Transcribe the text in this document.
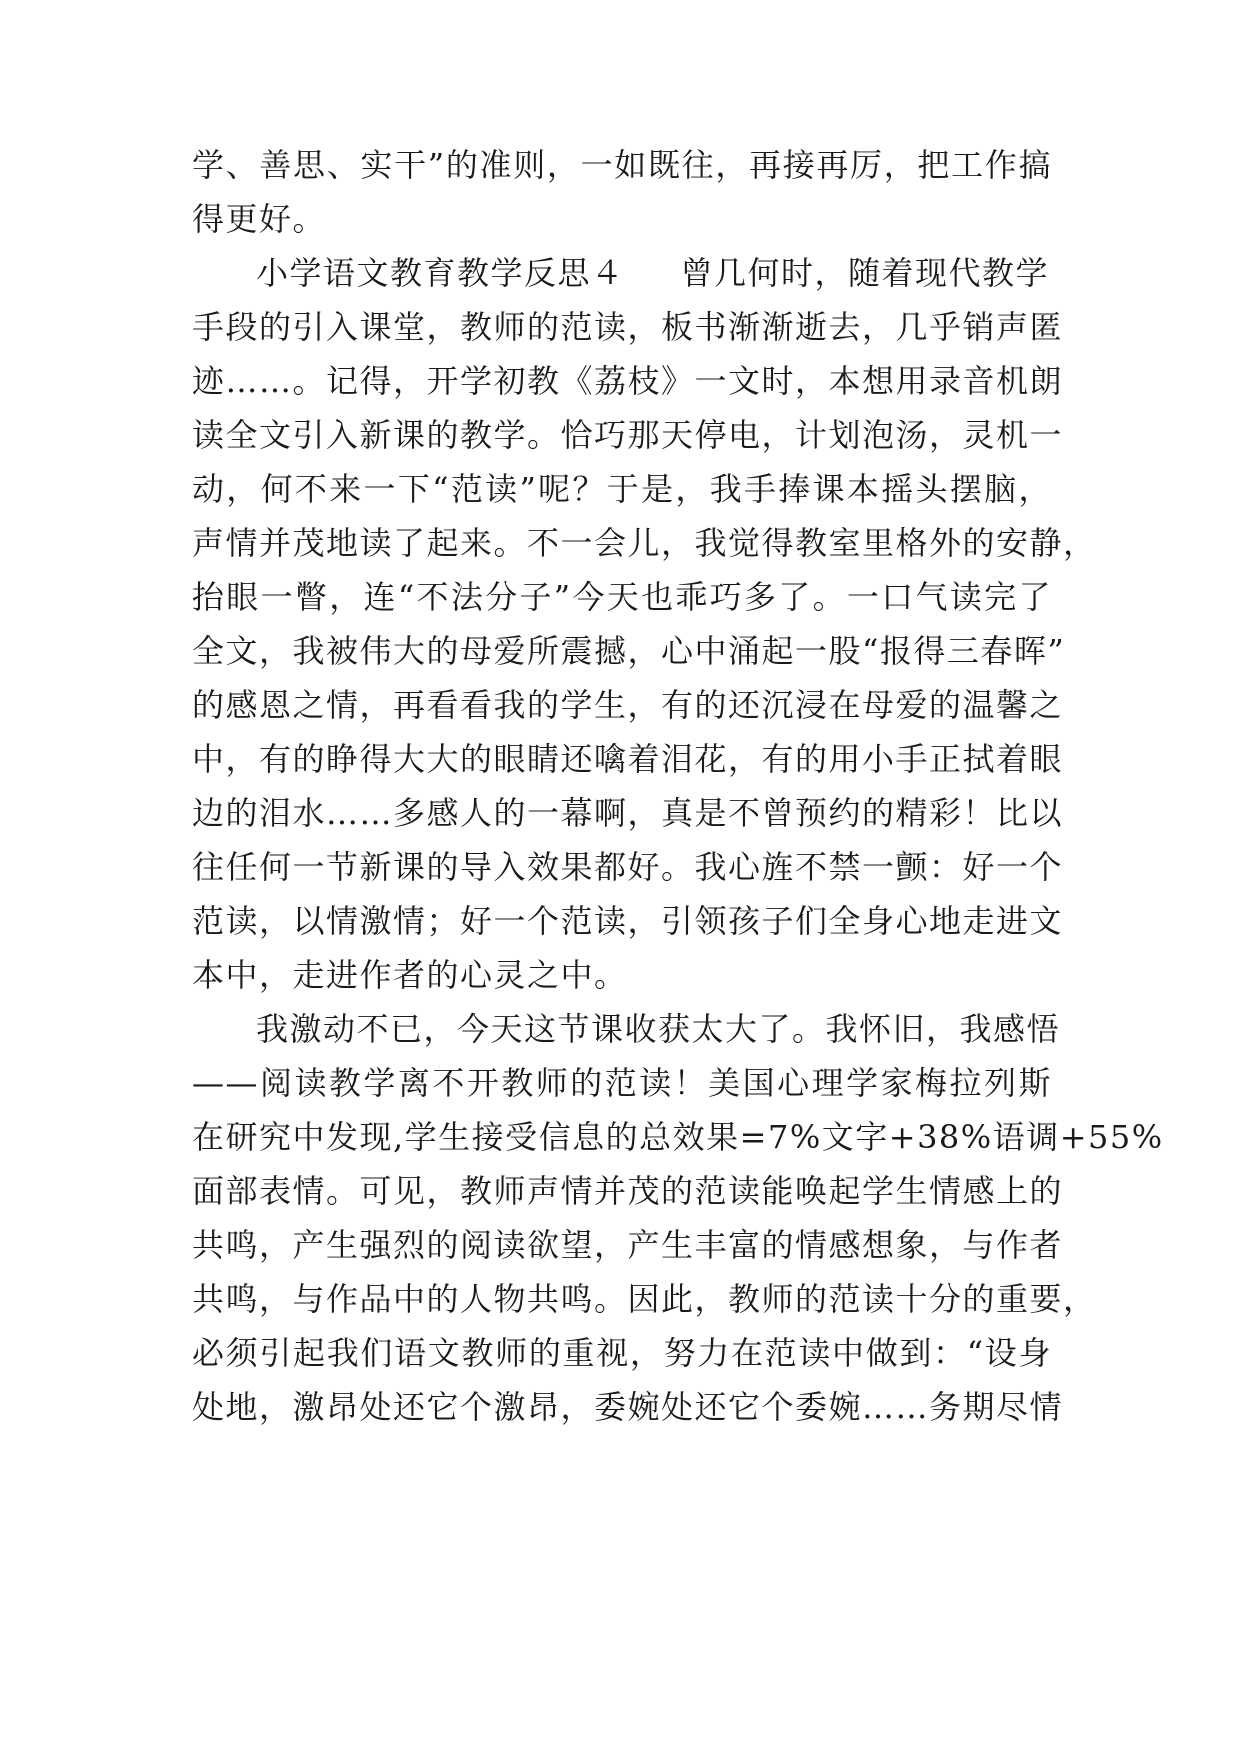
学、善思、实干”的准则，一如既往，再接再厉，把工作搞
得更好。
小学语文教育教学反思４ 曾几何时，随着现代教学
手段的引入课堂，教师的范读，板书渐渐逝去，几乎销声匿
迹……。记得，开学初教《荔枝》一文时，本想用录音机朗
读全文引入新课的教学。恰巧那天停电，计划泡汤，灵机一
动，何不来一下“范读”呢？于是，我手捧课本摇头摆脑，
声情并茂地读了起来。不一会儿，我觉得教室里格外的安静，
抬眼一瞥，连“不法分子”今天也乖巧多了。一口气读完了
全文，我被伟大的母爱所震撼，心中涌起一股“报得三春晖”
的感恩之情，再看看我的学生，有的还沉浸在母爱的温馨之
中，有的睁得大大的眼睛还噙着泪花，有的用小手正拭着眼
边的泪水……多感人的一幕啊，真是不曾预约的精彩！比以
往任何一节新课的导入效果都好。我心旌不禁一颤：好一个
范读，以情激情；好一个范读，引领孩子们全身心地走进文
本中，走进作者的心灵之中。
我激动不已，今天这节课收获太大了。我怀旧，我感悟
——阅读教学离不开教师的范读！美国心理学家梅拉列斯
在研究中发现,学生接受信息的总效果=7%文字+38%语调+55%
面部表情。可见，教师声情并茂的范读能唤起学生情感上的
共鸣，产生强烈的阅读欲望，产生丰富的情感想象，与作者
共鸣，与作品中的人物共鸣。因此，教师的范读十分的重要，
必须引起我们语文教师的重视，努力在范读中做到：“设身
处地，激昂处还它个激昂，委婉处还它个委婉……务期尽情
